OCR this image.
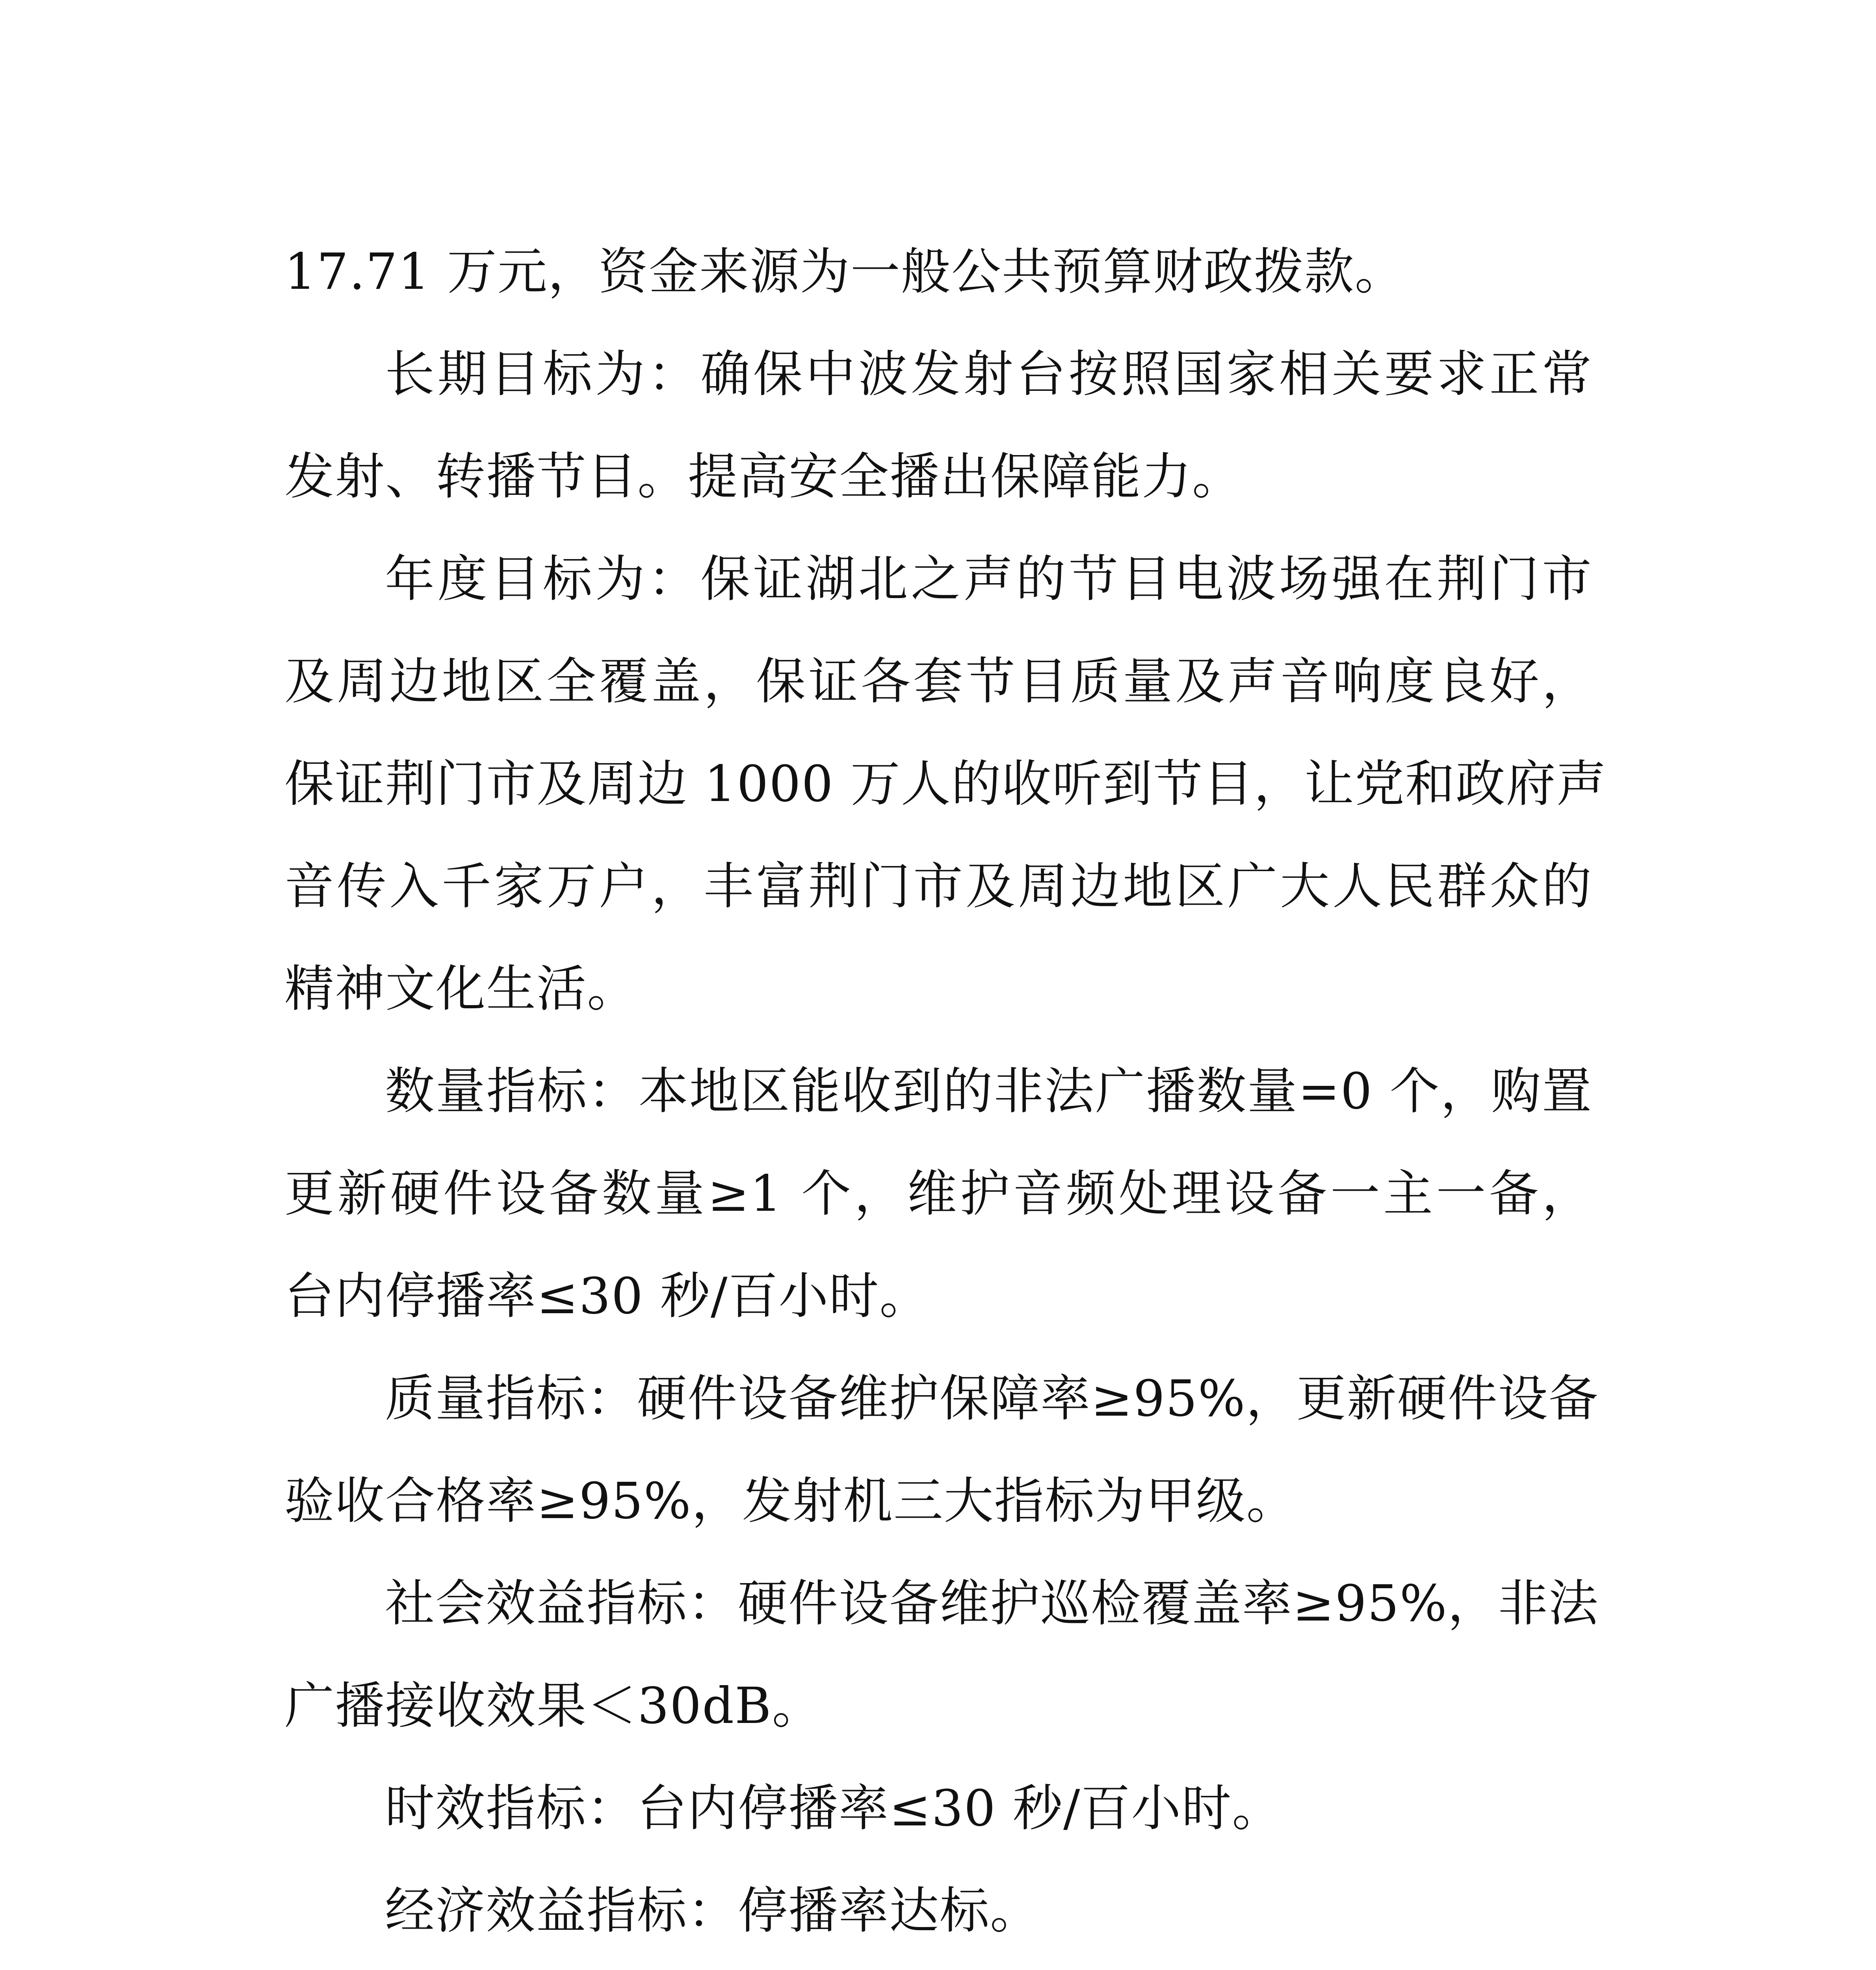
17.71 万元，资金来源为一般公共预算财政拨款。
长期目标为：确保中波发射台按照国家相关要求正常
发射、转播节目。提高安全播出保障能力。
年度目标为：保证湖北之声的节目电波场强在荆门市
及周边地区全覆盖，保证各套节目质量及声音响度良好，
保证荆门市及周边 1000 万人的收听到节目，让党和政府声
音传入千家万户，丰富荆门市及周边地区广大人民群众的
精神文化生活。
数量指标：本地区能收到的非法广播数量=0 个，购置
更新硬件设备数量≥1 个，维护音频处理设备一主一备，
台内停播率≤30 秒/百小时。
质量指标：硬件设备维护保障率≥95%，更新硬件设备
验收合格率≥95%，发射机三大指标为甲级。
社会效益指标：硬件设备维护巡检覆盖率≥95%，非法
广播接收效果＜30dB。
时效指标：台内停播率≤30 秒/百小时。
经济效益指标：停播率达标。
